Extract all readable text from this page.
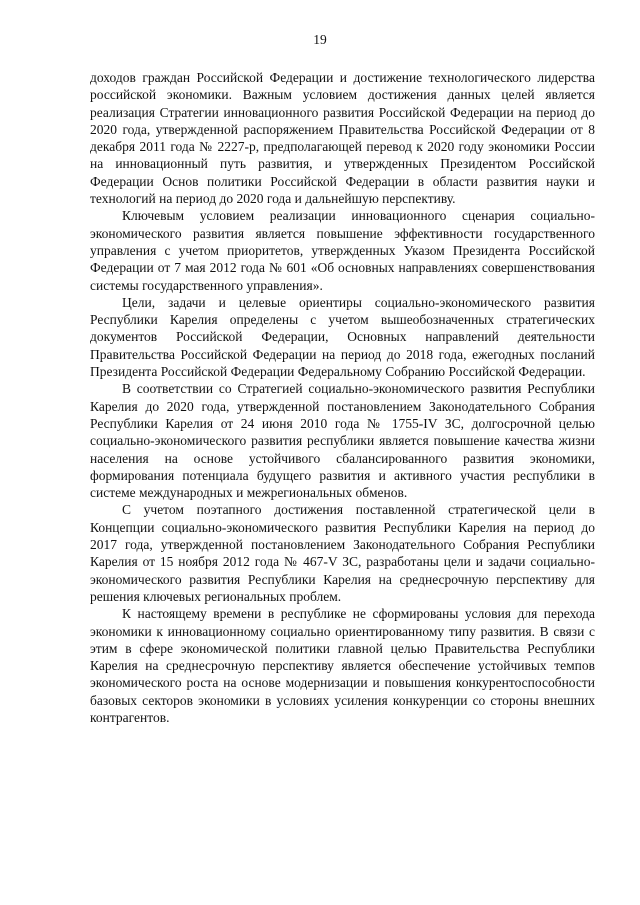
19

доходов граждан Российской Федерации и достижение технологического лидерства российской экономики. Важным условием достижения данных целей является реализация Стратегии инновационного развития Российской Федерации на период до 2020 года, утвержденной распоряжением Правительства Российской Федерации от 8 декабря 2011 года № 2227-р, предполагающей перевод к 2020 году экономики России на инновационный путь развития, и утвержденных Президентом Российской Федерации Основ политики Российской Федерации в области развития науки и технологий на период до 2020 года и дальнейшую перспективу.

Ключевым условием реализации инновационного сценария социально-экономического развития является повышение эффективности государственного управления с учетом приоритетов, утвержденных Указом Президента Российской Федерации от 7 мая 2012 года № 601 «Об основных направлениях совершенствования системы государственного управления».

Цели, задачи и целевые ориентиры социально-экономического развития Республики Карелия определены с учетом вышеобозначенных стратегических документов Российской Федерации, Основных направлений деятельности Правительства Российской Федерации на период до 2018 года, ежегодных посланий Президента Российской Федерации Федеральному Собранию Российской Федерации.

В соответствии со Стратегией социально-экономического развития Республики Карелия до 2020 года, утвержденной постановлением Законодательного Собрания Республики Карелия от 24 июня 2010 года № 1755-IV ЗС, долгосрочной целью социально-экономического развития республики является повышение качества жизни населения на основе устойчивого сбалансированного развития экономики, формирования потенциала будущего развития и активного участия республики в системе международных и межрегиональных обменов.

С учетом поэтапного достижения поставленной стратегической цели в Концепции социально-экономического развития Республики Карелия на период до 2017 года, утвержденной постановлением Законодательного Собрания Республики Карелия от 15 ноября 2012 года № 467-V ЗС, разработаны цели и задачи социально-экономического развития Республики Карелия на среднесрочную перспективу для решения ключевых региональных проблем.

К настоящему времени в республике не сформированы условия для перехода экономики к инновационному социально ориентированному типу развития. В связи с этим в сфере экономической политики главной целью Правительства Республики Карелия на среднесрочную перспективу является обеспечение устойчивых темпов экономического роста на основе модернизации и повышения конкурентоспособности базовых секторов экономики в условиях усиления конкуренции со стороны внешних контрагентов.
